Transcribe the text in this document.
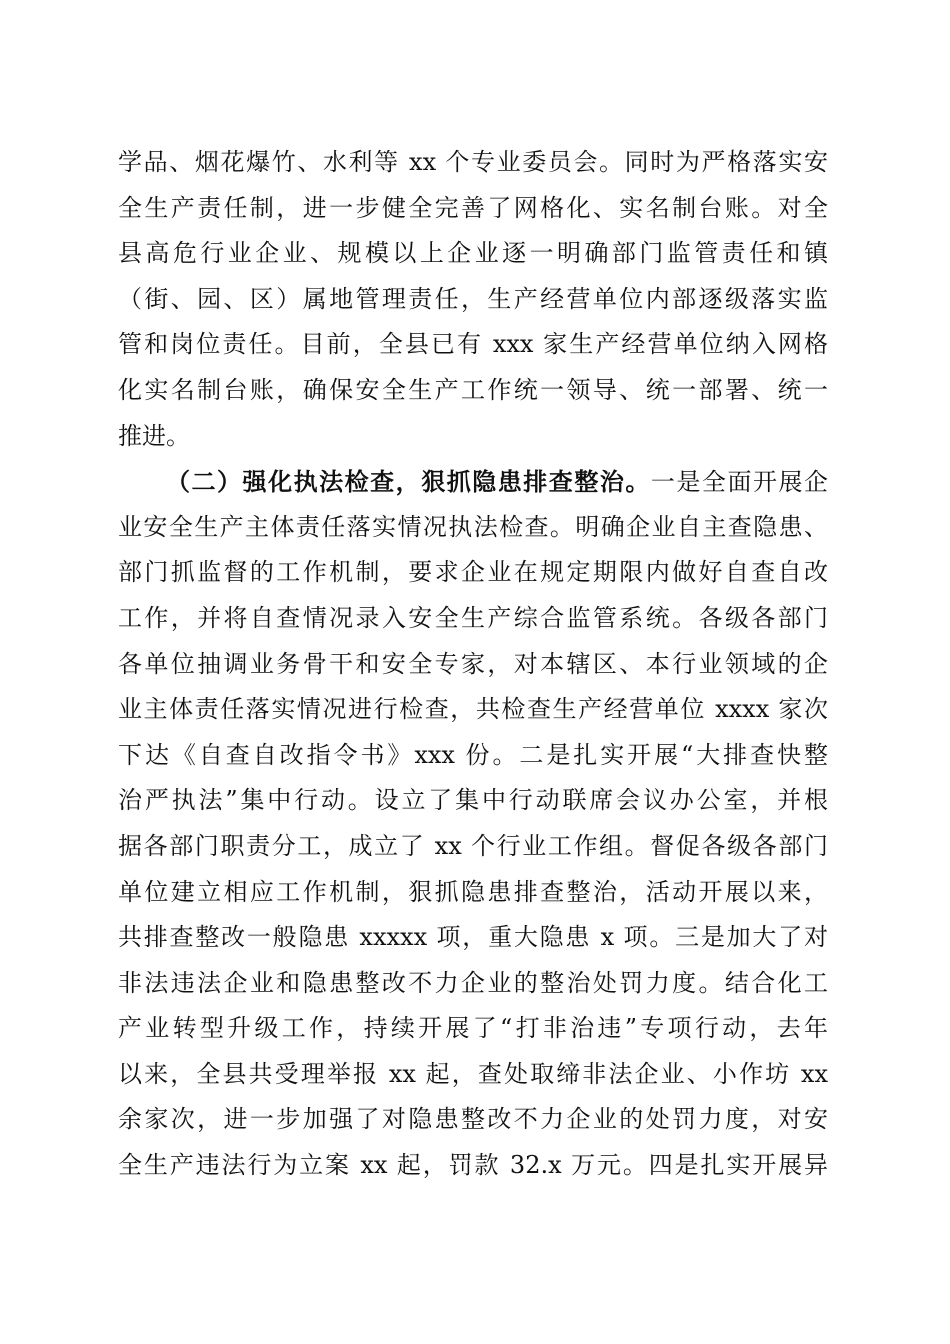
学品、烟花爆竹、水利等 xx 个专业委员会。同时为严格落实安
全生产责任制，进一步健全完善了网格化、实名制台账。对全
县高危行业企业、规模以上企业逐一明确部门监管责任和镇
（街、园、区）属地管理责任，生产经营单位内部逐级落实监
管和岗位责任。目前，全县已有 xxx 家生产经营单位纳入网格
化实名制台账，确保安全生产工作统一领导、统一部署、统一
推进。
（二）强化执法检查，狠抓隐患排查整治。一是全面开展企
业安全生产主体责任落实情况执法检查。明确企业自主查隐患、
部门抓监督的工作机制，要求企业在规定期限内做好自查自改
工作，并将自查情况录入安全生产综合监管系统。各级各部门
各单位抽调业务骨干和安全专家，对本辖区、本行业领域的企
业主体责任落实情况进行检查，共检查生产经营单位 xxxx 家次
下达《自查自改指令书》xxx 份。二是扎实开展“大排查快整
治严执法”集中行动。设立了集中行动联席会议办公室，并根
据各部门职责分工，成立了 xx 个行业工作组。督促各级各部门
单位建立相应工作机制，狠抓隐患排查整治，活动开展以来，
共排查整改一般隐患 xxxxx 项，重大隐患 x 项。三是加大了对
非法违法企业和隐患整改不力企业的整治处罚力度。结合化工
产业转型升级工作，持续开展了“打非治违”专项行动，去年
以来，全县共受理举报 xx 起，查处取缔非法企业、小作坊 xx
余家次，进一步加强了对隐患整改不力企业的处罚力度，对安
全生产违法行为立案 xx 起，罚款 32.x 万元。四是扎实开展异
